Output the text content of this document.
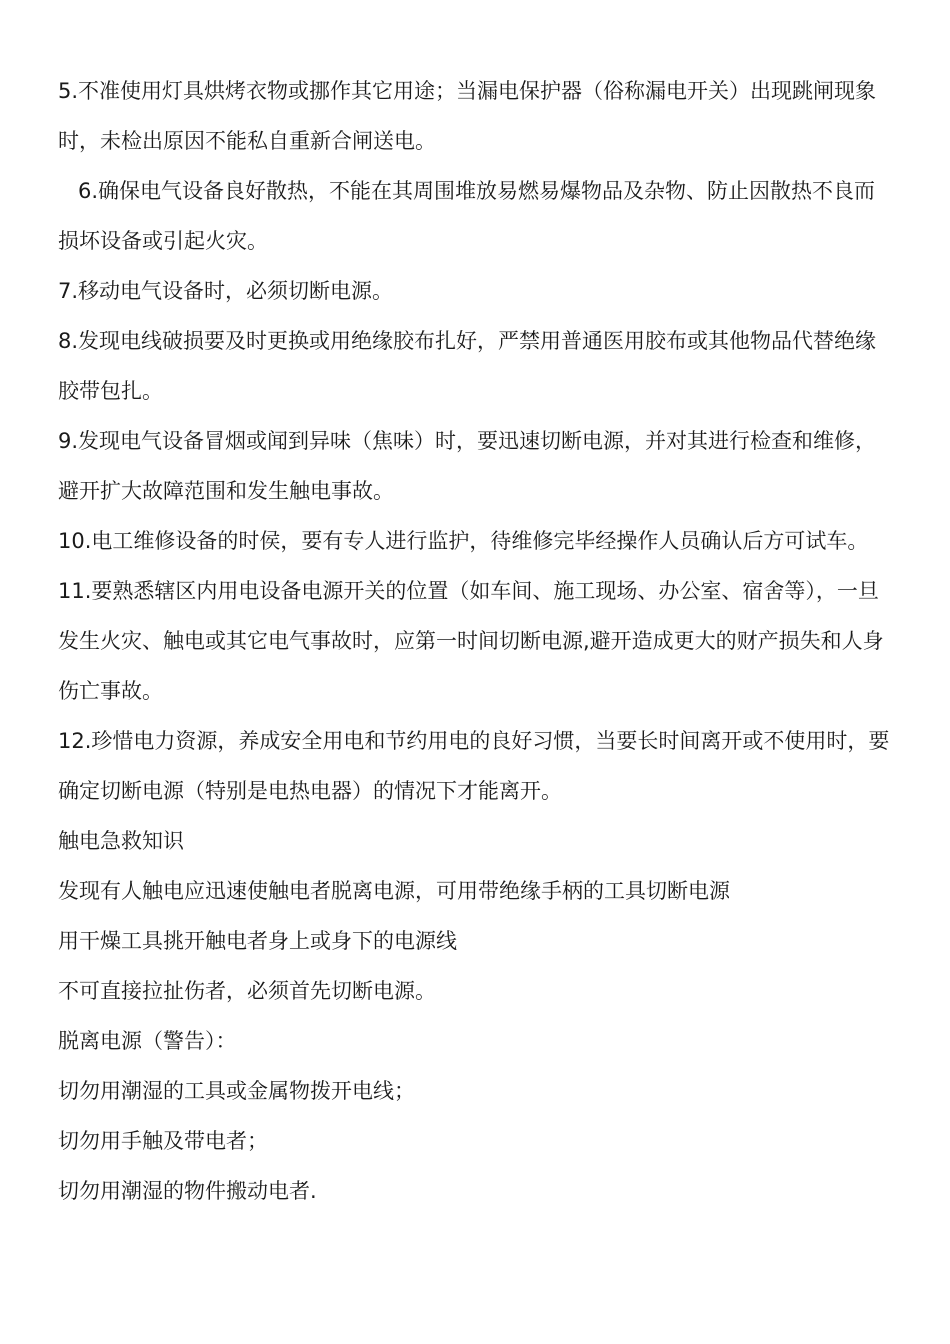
5.不准使用灯具烘烤衣物或挪作其它用途；当漏电保护器（俗称漏电开关）出现跳闸现象时，未检出原因不能私自重新合闸送电。

6.确保电气设备良好散热，不能在其周围堆放易燃易爆物品及杂物、防止因散热不良而损坏设备或引起火灾。

7.移动电气设备时，必须切断电源。

8.发现电线破损要及时更换或用绝缘胶布扎好，严禁用普通医用胶布或其他物品代替绝缘胶带包扎。

9.发现电气设备冒烟或闻到异味（焦味）时，要迅速切断电源，并对其进行检查和维修，避开扩大故障范围和发生触电事故。

10.电工维修设备的时侯，要有专人进行监护，待维修完毕经操作人员确认后方可试车。

11.要熟悉辖区内用电设备电源开关的位置（如车间、施工现场、办公室、宿舍等），一旦发生火灾、触电或其它电气事故时，应第一时间切断电源,避开造成更大的财产损失和人身伤亡事故。

12.珍惜电力资源，养成安全用电和节约用电的良好习惯，当要长时间离开或不使用时，要确定切断电源（特别是电热电器）的情况下才能离开。

触电急救知识

发现有人触电应迅速使触电者脱离电源，可用带绝缘手柄的工具切断电源

用干燥工具挑开触电者身上或身下的电源线

不可直接拉扯伤者，必须首先切断电源。

脱离电源（警告）：

切勿用潮湿的工具或金属物拨开电线；

切勿用手触及带电者；

切勿用潮湿的物件搬动电者.
